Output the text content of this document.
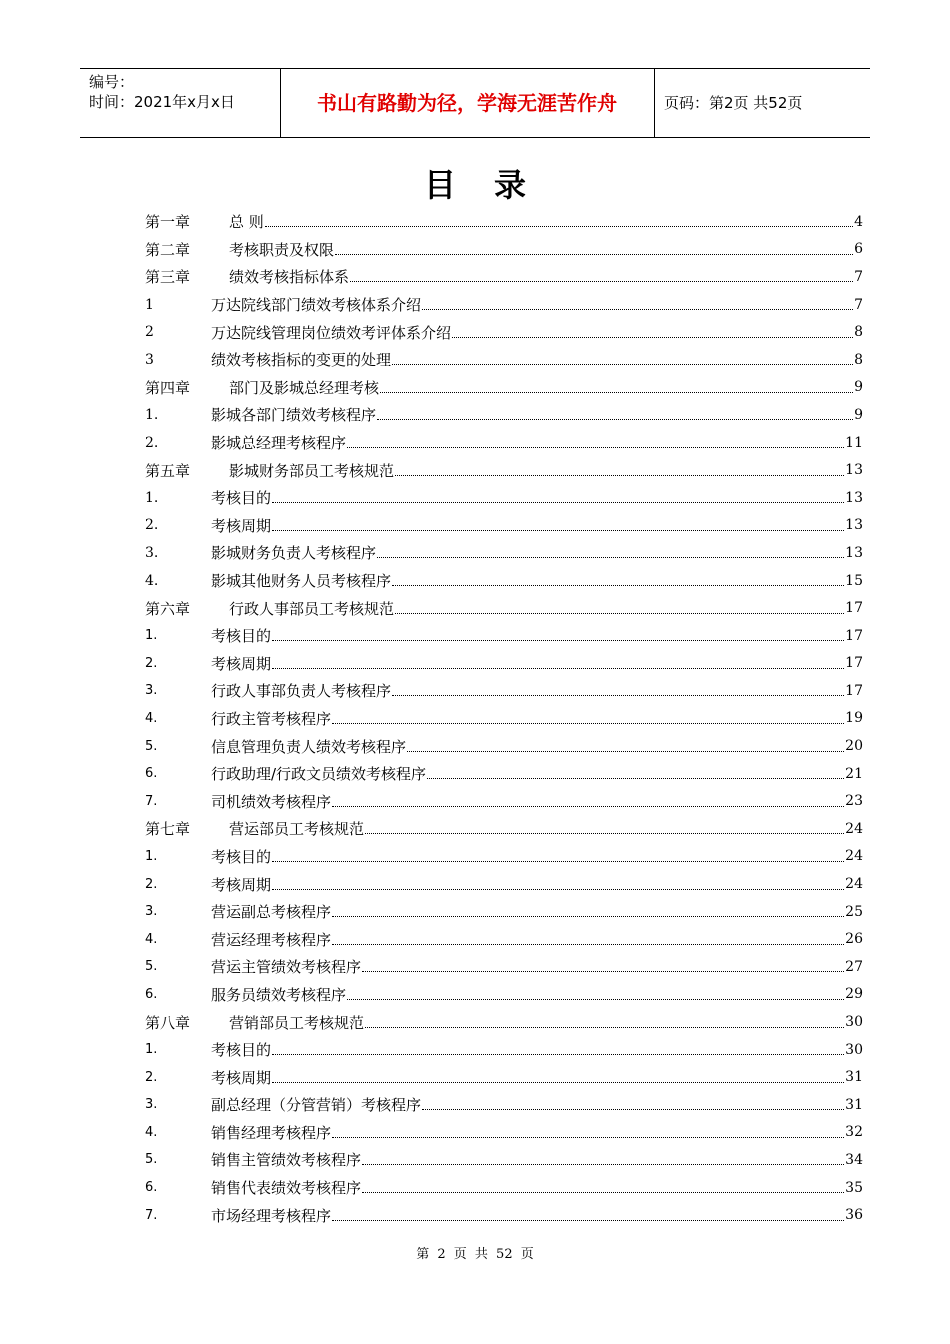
编号：
时间：2021年x月x日	书山有路勤为径，学海无涯苦作舟	页码：第2页 共52页
目录
第一章	总 则	4
第二章	考核职责及权限	6
第三章	绩效考核指标体系	7
1	万达院线部门绩效考核体系介绍	7
2	万达院线管理岗位绩效考评体系介绍	8
3	绩效考核指标的变更的处理	8
第四章	部门及影城总经理考核	9
1.	影城各部门绩效考核程序	9
2.	影城总经理考核程序	11
第五章	影城财务部员工考核规范	13
1.	考核目的	13
2.	考核周期	13
3.	影城财务负责人考核程序	13
4.	影城其他财务人员考核程序	15
第六章	行政人事部员工考核规范	17
1.	考核目的	17
2.	考核周期	17
3.	行政人事部负责人考核程序	17
4.	行政主管考核程序	19
5.	信息管理负责人绩效考核程序	20
6.	行政助理/行政文员绩效考核程序	21
7.	司机绩效考核程序	23
第七章	营运部员工考核规范	24
1.	考核目的	24
2.	考核周期	24
3.	营运副总考核程序	25
4.	营运经理考核程序	26
5.	营运主管绩效考核程序	27
6.	服务员绩效考核程序	29
第八章	营销部员工考核规范	30
1.	考核目的	30
2.	考核周期	31
3.	副总经理（分管营销）考核程序	31
4.	销售经理考核程序	32
5.	销售主管绩效考核程序	34
6.	销售代表绩效考核程序	35
7.	市场经理考核程序	36
第 2 页 共 52 页
